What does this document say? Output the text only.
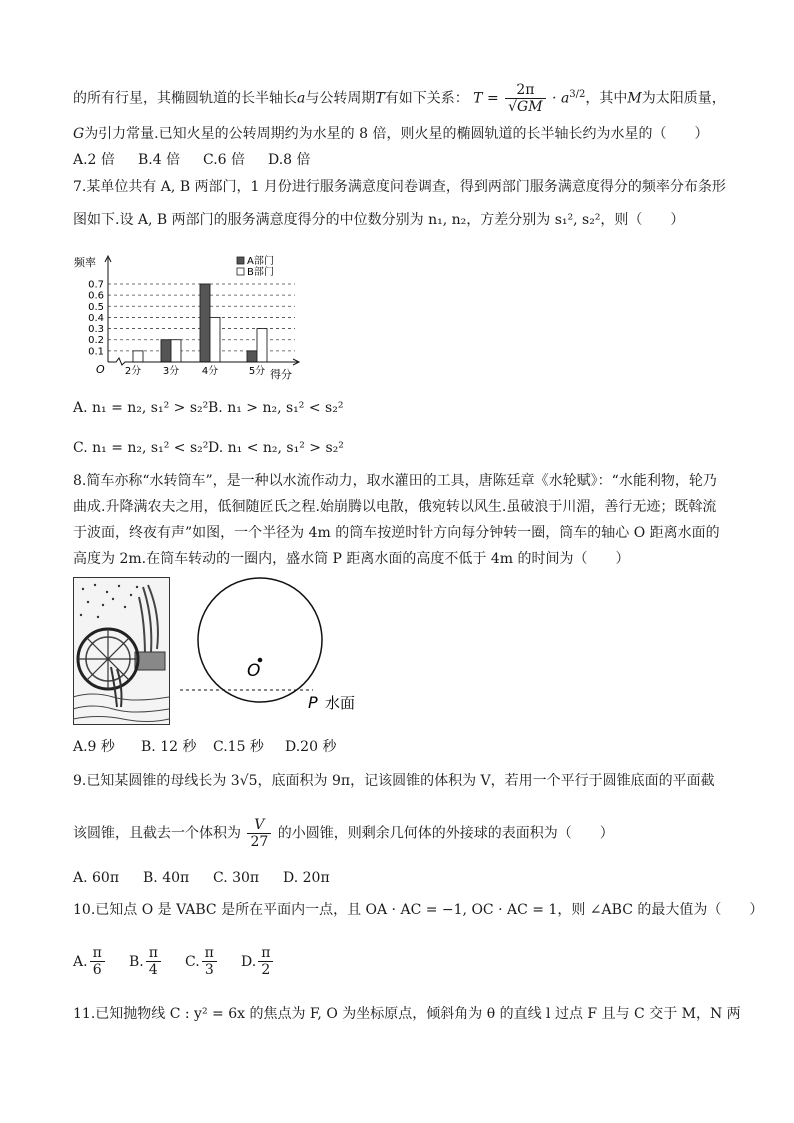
的所有行星，其椭圆轨道的长半轴长a与公转周期T有如下关系： $T = \frac{2\pi}{√GM} \cdot a^{3/2}$，其中M为太阳质量，
G为引力常量.已知火星的公转周期约为水星的 8 倍，则火星的椭圆轨道的长半轴长约为水星的（　　）
A.2 倍 B.4 倍 C.6 倍 D.8 倍
7.某单位共有 A, B 两部门，1 月份进行服务满意度问卷调查，得到两部门服务满意度得分的频率分布条形
图如下.设 A, B 两部门的服务满意度得分的中位数分别为 n₁, n₂，方差分别为 s₁², s₂²，则（　　）
0.1
0.2
0.3
0.4
0.5
0.6
0.7
频率
得分
O 2分 3分 4分	5分
A部门
B部门
A. n₁ = n₂, s₁² > s₂²B. n₁ > n₂, s₁² < s₂²
C. n₁ = n₂, s₁² < s₂²D. n₁ < n₂, s₁² > s₂²
8.简车亦称“水转筒车”，是一种以水流作动力，取水灌田的工具，唐陈廷章《水轮赋》：“水能利物，轮乃
曲成.升降满农夫之用，低徊随匠氏之程.始崩腾以电散，俄宛转以风生.虽破浪于川湄，善行无迹；既斡流
于波面，终夜有声”如图，一个半径为 4m 的筒车按逆时针方向每分钟转一圈，筒车的轴心 O 距离水面的
高度为 2m.在筒车转动的一圈内，盛水筒 P 距离水面的高度不低于 4m 的时间为（　　）
O
P 水面
A.9 秒 B. 12 秒 C.15 秒 D.20 秒
9.已知某圆锥的母线长为 3√5，底面积为 9π，记该圆锥的体积为 V，若用一个平行于圆锥底面的平面截
该圆锥，且截去一个体积为 $\frac{V}{27}$ 的小圆锥，则剩余几何体的外接球的表面积为（　　）
A. 60π B. 40π C. 30π D. 20π
10.已知点 O 是 VABC 是所在平面内一点，且 OA · AC = −1, OC · AC = 1，则 ∠ABC 的最大值为（　　）
A. $\frac{\pi}{6} B$. $\frac{\pi}{4} C$. $\frac{\pi}{3} D$. $\frac{\pi}{2}$
11.已知抛物线 C : y² = 6x 的焦点为 F, O 为坐标原点，倾斜角为 θ 的直线 l 过点 F 且与 C 交于 M，N 两
